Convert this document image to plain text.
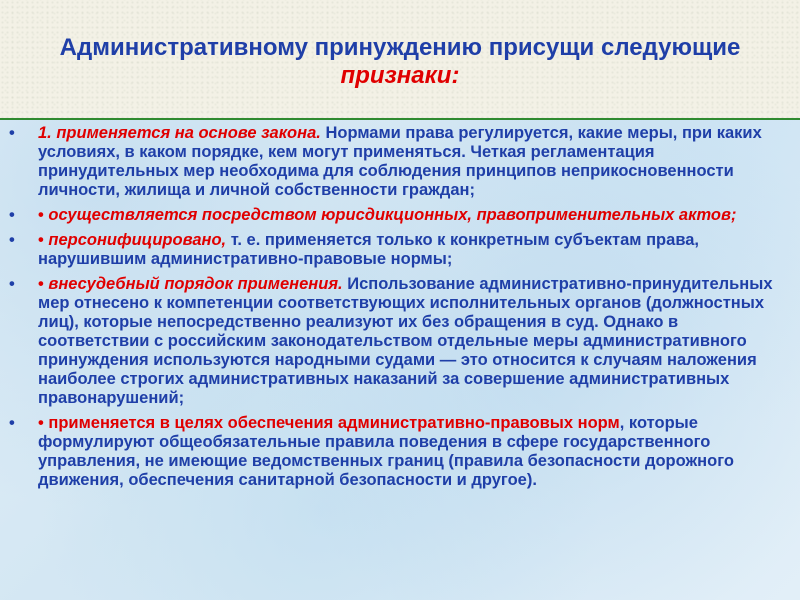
Административному принуждению присущи следующие
признаки:
•	1. применяется на основе закона. Нормами права регулируется, какие меры, при каких условиях, в каком порядке, кем могут применяться. Четкая регламентация принудительных мер необходима для соблюдения принципов неприкосновенности личности, жилища и личной собственности граждан;
•	• осуществляется посредством юрисдикционных, правоприменительных актов;
•	• персонифицировано, т. е. применяется только к конкретным субъектам права, нарушившим административно-правовые нормы;
•	• внесудебный порядок применения. Использование административно-принудительных мер отнесено к компетенции соответствующих исполнительных органов (должностных лиц), которые непосредственно реализуют их без обращения в суд. Однако в соответствии с российским законодательством отдельные меры административного принуждения используются народными судами — это относится к случаям наложения наиболее строгих административных наказаний за совершение административных правонарушений;
•	• применяется в целях обеспечения административно-правовых норм, которые формулируют общеобязательные правила поведения в сфере государственного управления, не имеющие ведомственных границ (правила безопасности дорожного движения, обеспечения санитарной безопасности и другое).
